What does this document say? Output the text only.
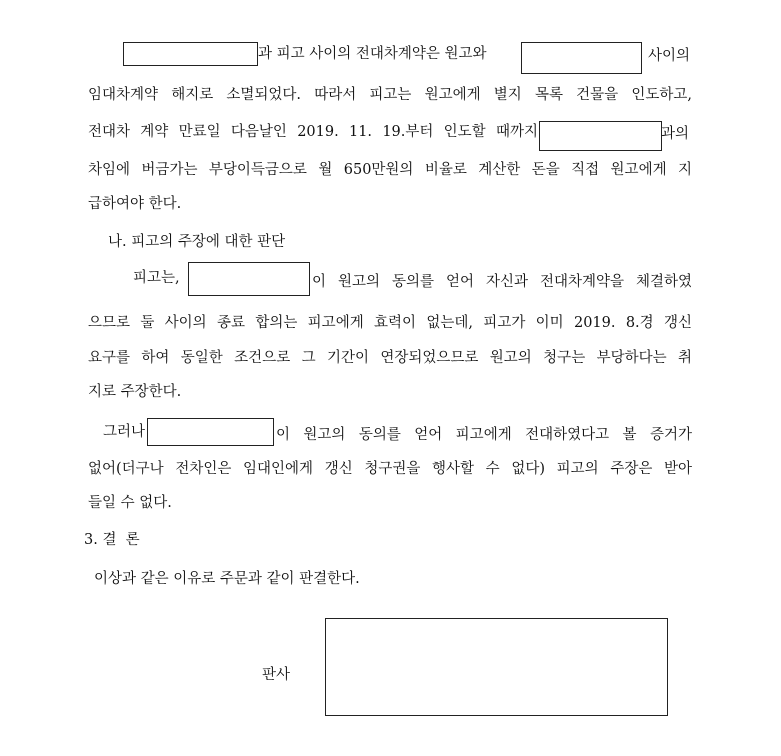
과 피고 사이의 전대차계약은 원고와	사이의
임대차계약 해지로 소멸되었다. 따라서 피고는 원고에게 별지 목록 건물을 인도하고,
전대차 계약 만료일 다음날인 2019. 11. 19.부터 인도할 때까지	과의
차임에 버금가는 부당이득금으로 월 650만원의 비율로 계산한 돈을 직접 원고에게 지
급하여야 한다.
나. 피고의 주장에 대한 판단
피고는,	이 원고의 동의를 얻어 자신과 전대차계약을 체결하였
으므로 둘 사이의 종료 합의는 피고에게 효력이 없는데, 피고가 이미 2019. 8.경 갱신
요구를 하여 동일한 조건으로 그 기간이 연장되었으므로 원고의 청구는 부당하다는 취
지로 주장한다.
그러나	이 원고의 동의를 얻어 피고에게 전대하였다고 볼 증거가
없어(더구나 전차인은 임대인에게 갱신 청구권을 행사할 수 없다) 피고의 주장은 받아
들일 수 없다.
3. 결  론
이상과 같은 이유로 주문과 같이 판결한다.
판사
